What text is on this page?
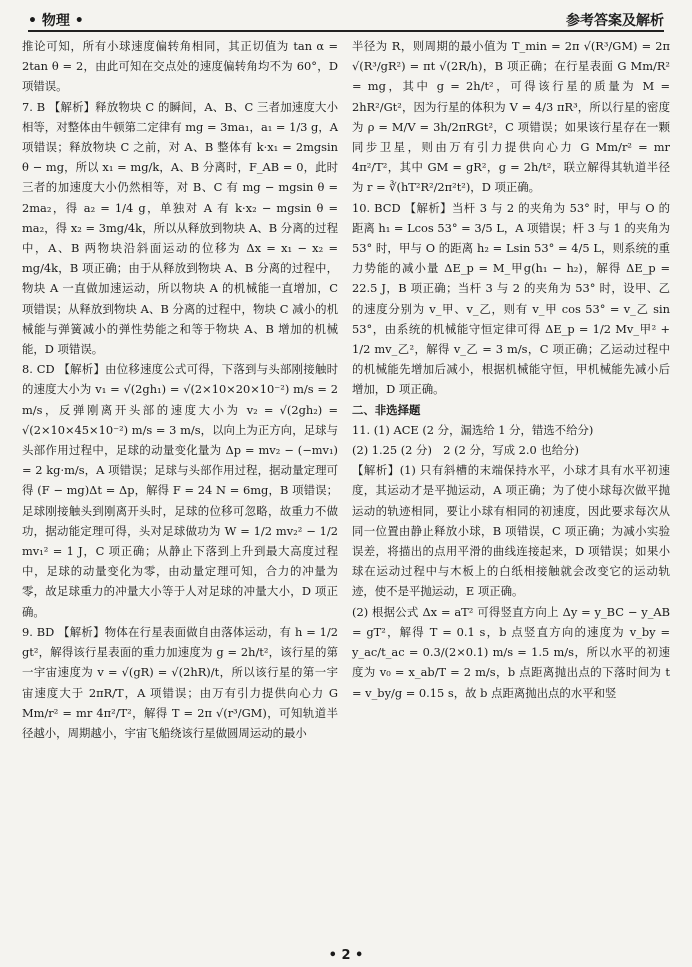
• 物理 •	参考答案及解析

推论可知，所有小球速度偏转角相同，其正切值为 tan α = 2tan θ = 2，由此可知在交点处的速度偏转角均不为 60°，D 项错误。

7. B 【解析】释放物块 C 的瞬间，A、B、C 三者加速度大小相等，对整体由牛顿第二定律有 mg = 3ma₁，a₁ = 1/3 g，A 项错误；释放物块 C 之前，对 A、B 整体有 k·x₁ = 2mgsin θ − mg，所以 x₁ = mg/k，A、B 分离时，F_AB = 0，此时三者的加速度大小仍然相等，对 B、C 有 mg − mgsin θ = 2ma₂，得 a₂ = 1/4 g，单独对 A 有 k·x₂ − mgsin θ = ma₂，得 x₂ = 3mg/4k，所以从释放到物块 A、B 分离的过程中，A、B 两物块沿斜面运动的位移为 Δx = x₁ − x₂ = mg/4k，B 项正确；由于从释放到物块 A、B 分离的过程中，物块 A 一直做加速运动，所以物块 A 的机械能一直增加，C 项错误；从释放到物块 A、B 分离的过程中，物块 C 减小的机械能与弹簧减小的弹性势能之和等于物块 A、B 增加的机械能，D 项错误。

8. CD 【解析】由位移速度公式可得，下落到与头部刚接触时的速度大小为 v₁ = √(2gh₁) = √(2×10×20×10⁻²) m/s = 2 m/s，反弹刚离开头部的速度大小为 v₂ = √(2gh₂) = √(2×10×45×10⁻²) m/s = 3 m/s，以向上为正方向，足球与头部作用过程中，足球的动量变化量为 Δp = mv₂ − (−mv₁) = 2 kg·m/s，A 项错误；足球与头部作用过程，据动量定理可得 (F − mg)Δt = Δp，解得 F = 24 N = 6mg，B 项错误；足球刚接触头到刚离开头时，足球的位移可忽略，故重力不做功，据动能定理可得，头对足球做功为 W = 1/2 mv₂² − 1/2 mv₁² = 1 J，C 项正确；从静止下落到上升到最大高度过程中，足球的动量变化为零，由动量定理可知，合力的冲量为零，故足球重力的冲量大小等于人对足球的冲量大小，D 项正确。

9. BD 【解析】物体在行星表面做自由落体运动，有 h = 1/2 gt²，解得该行星表面的重力加速度为 g = 2h/t²，该行星的第一宇宙速度为 v = √(gR) = √(2hR)/t，所以该行星的第一宇宙速度大于 2πR/T，A 项错误；由万有引力提供向心力 G Mm/r² = mr 4π²/T²，解得 T = 2π √(r³/GM)，可知轨道半径越小，周期越小，宇宙飞船绕该行星做圆周运动的最小

半径为 R，则周期的最小值为 T_min = 2π √(R³/GM) = 2π √(R³/gR²) = πt √(2R/h)，B 项正确；在行星表面 G Mm/R² = mg，其中 g = 2h/t²，可得该行星的质量为 M = 2hR²/Gt²，因为行星的体积为 V = 4/3 πR³，所以行星的密度为 ρ = M/V = 3h/2πRGt²，C 项错误；如果该行星存在一颗同步卫星，则由万有引力提供向心力 G Mm/r² = mr 4π²/T²，其中 GM = gR²，g = 2h/t²，联立解得其轨道半径为 r = ∛(hT²R²/2π²t²)，D 项正确。

10. BCD 【解析】当杆 3 与 2 的夹角为 53° 时，甲与 O 的距离 h₁ = Lcos 53° = 3/5 L，A 项错误；杆 3 与 1 的夹角为 53° 时，甲与 O 的距离 h₂ = Lsin 53° = 4/5 L，则系统的重力势能的减小量 ΔE_p = M_甲g(h₁ − h₂)，解得 ΔE_p = 22.5 J，B 项正确；当杆 3 与 2 的夹角为 53° 时，设甲、乙的速度分别为 v_甲、v_乙，则有 v_甲 cos 53° = v_乙 sin 53°，由系统的机械能守恒定律可得 ΔE_p = 1/2 Mv_甲² + 1/2 mv_乙²，解得 v_乙 = 3 m/s，C 项正确；乙运动过程中的机械能先增加后减小，根据机械能守恒，甲机械能先减小后增加，D 项正确。

二、非选择题

11. (1) ACE (2 分，漏选给 1 分，错选不给分)

(2) 1.25 (2 分)　2 (2 分，写成 2.0 也给分)

【解析】(1) 只有斜槽的末端保持水平，小球才具有水平初速度，其运动才是平抛运动，A 项正确；为了使小球每次做平抛运动的轨迹相同，要让小球有相同的初速度，因此要求每次从同一位置由静止释放小球，B 项错误，C 项正确；为减小实验误差，将描出的点用平滑的曲线连接起来，D 项错误；如果小球在运动过程中与木板上的白纸相接触就会改变它的运动轨迹，使不是平抛运动，E 项正确。

(2) 根据公式 Δx = aT² 可得竖直方向上 Δy = y_BC − y_AB = gT²，解得 T = 0.1 s，b 点竖直方向的速度为 v_by = y_ac/t_ac = 0.3/(2×0.1) m/s = 1.5 m/s，所以水平的初速度为 v₀ = x_ab/T = 2 m/s，b 点距离抛出点的下落时间为 t = v_by/g = 0.15 s，故 b 点距离抛出点的水平和竖

• 2 •
